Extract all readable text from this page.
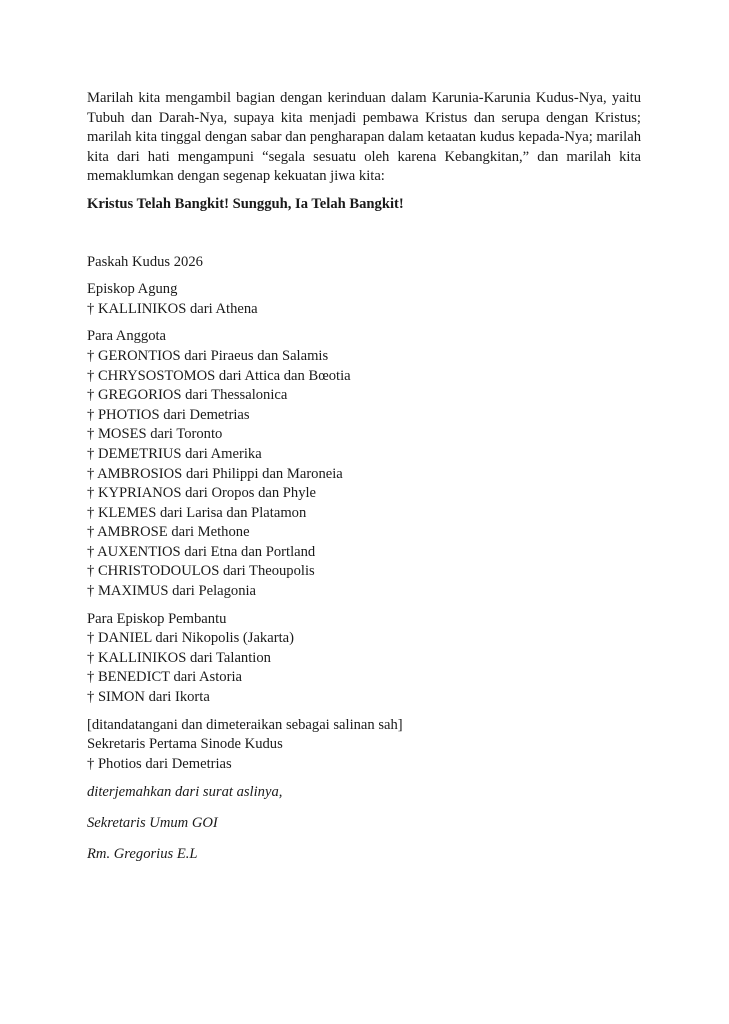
Marilah kita mengambil bagian dengan kerinduan dalam Karunia-Karunia Kudus-Nya, yaitu Tubuh dan Darah-Nya, supaya kita menjadi pembawa Kristus dan serupa dengan Kristus; marilah kita tinggal dengan sabar dan pengharapan dalam ketaatan kudus kepada-Nya; marilah kita dari hati mengampuni “segala sesuatu oleh karena Kebangkitan,” dan marilah kita memaklumkan dengan segenap kekuatan jiwa kita:

Kristus Telah Bangkit! Sungguh, Ia Telah Bangkit!

Paskah Kudus 2026

Episkop Agung
† KALLINIKOS dari Athena
Para Anggota
† GERONTIOS dari Piraeus dan Salamis
† CHRYSOSTOMOS dari Attica dan Bœotia
† GREGORIOS dari Thessalonica
† PHOTIOS dari Demetrias
† MOSES dari Toronto
† DEMETRIUS dari Amerika
† AMBROSIOS dari Philippi dan Maroneia
† KYPRIANOS dari Oropos dan Phyle
† KLEMES dari Larisa dan Platamon
† AMBROSE dari Methone
† AUXENTIOS dari Etna dan Portland
† CHRISTODOULOS dari Theoupolis
† MAXIMUS dari Pelagonia
Para Episkop Pembantu
† DANIEL dari Nikopolis (Jakarta)
† KALLINIKOS dari Talantion
† BENEDICT dari Astoria
† SIMON dari Ikorta
[ditandatangani dan dimeteraikan sebagai salinan sah]
Sekretaris Pertama Sinode Kudus
† Photios dari Demetrias

diterjemahkan dari surat aslinya,

Sekretaris Umum GOI

Rm. Gregorius E.L
